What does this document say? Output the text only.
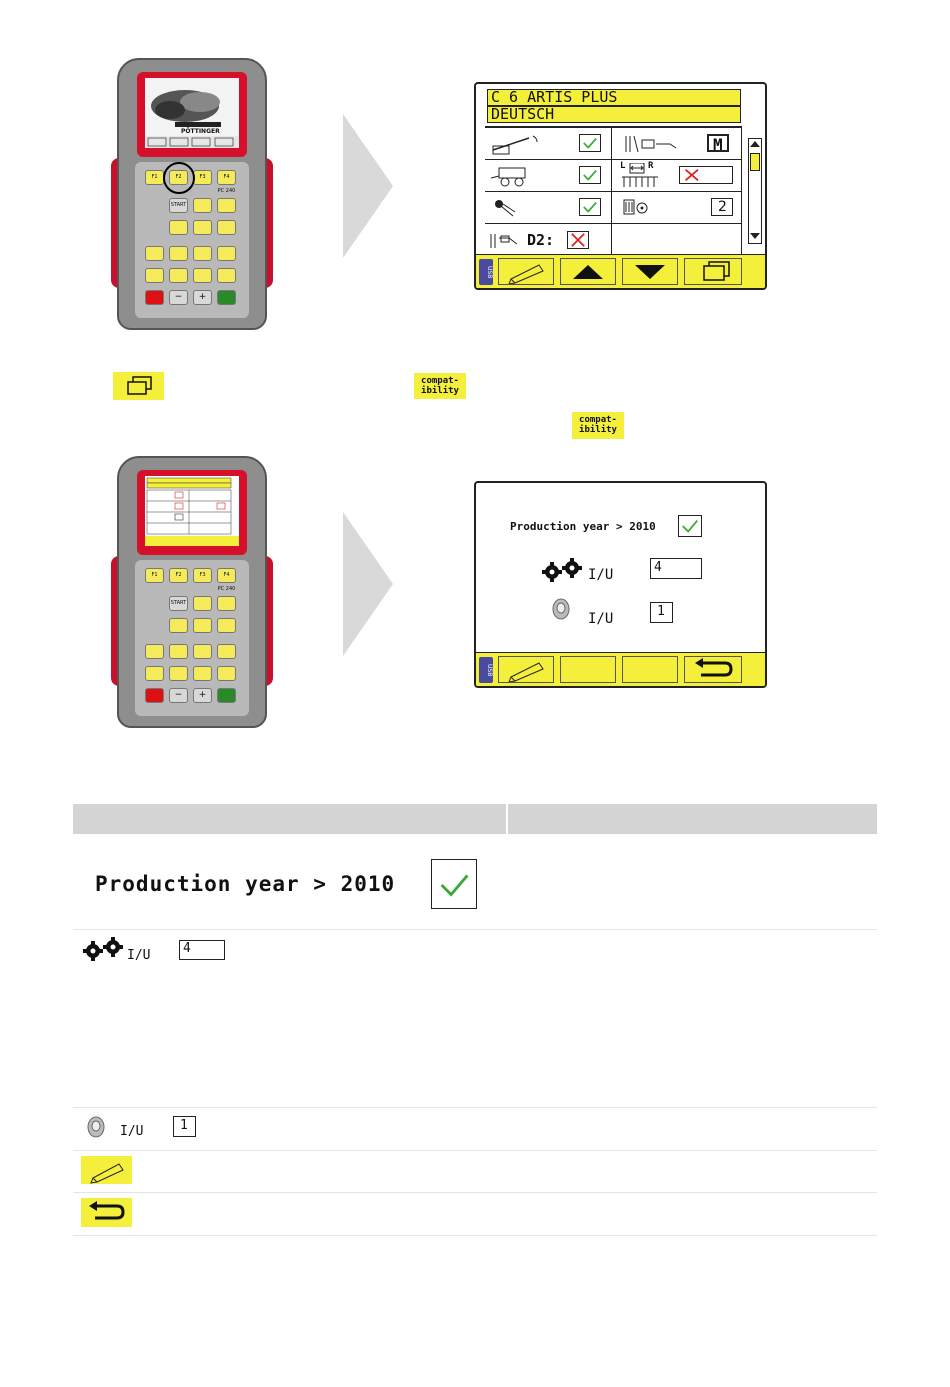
PÖTTINGER
F1	F2	F3	F4
START
PC 240
−	+
C 6 ARTIS PLUS
DEUTSCH
M
L	R
2
D2:
USB
compat-
ibility
compat-
ibility
F1	F2	F3	F4
START
PC 240
−	+
Production year > 2010
I/U	4
I/U	1
USB
Production year > 2010
I/U	4
I/U	1
